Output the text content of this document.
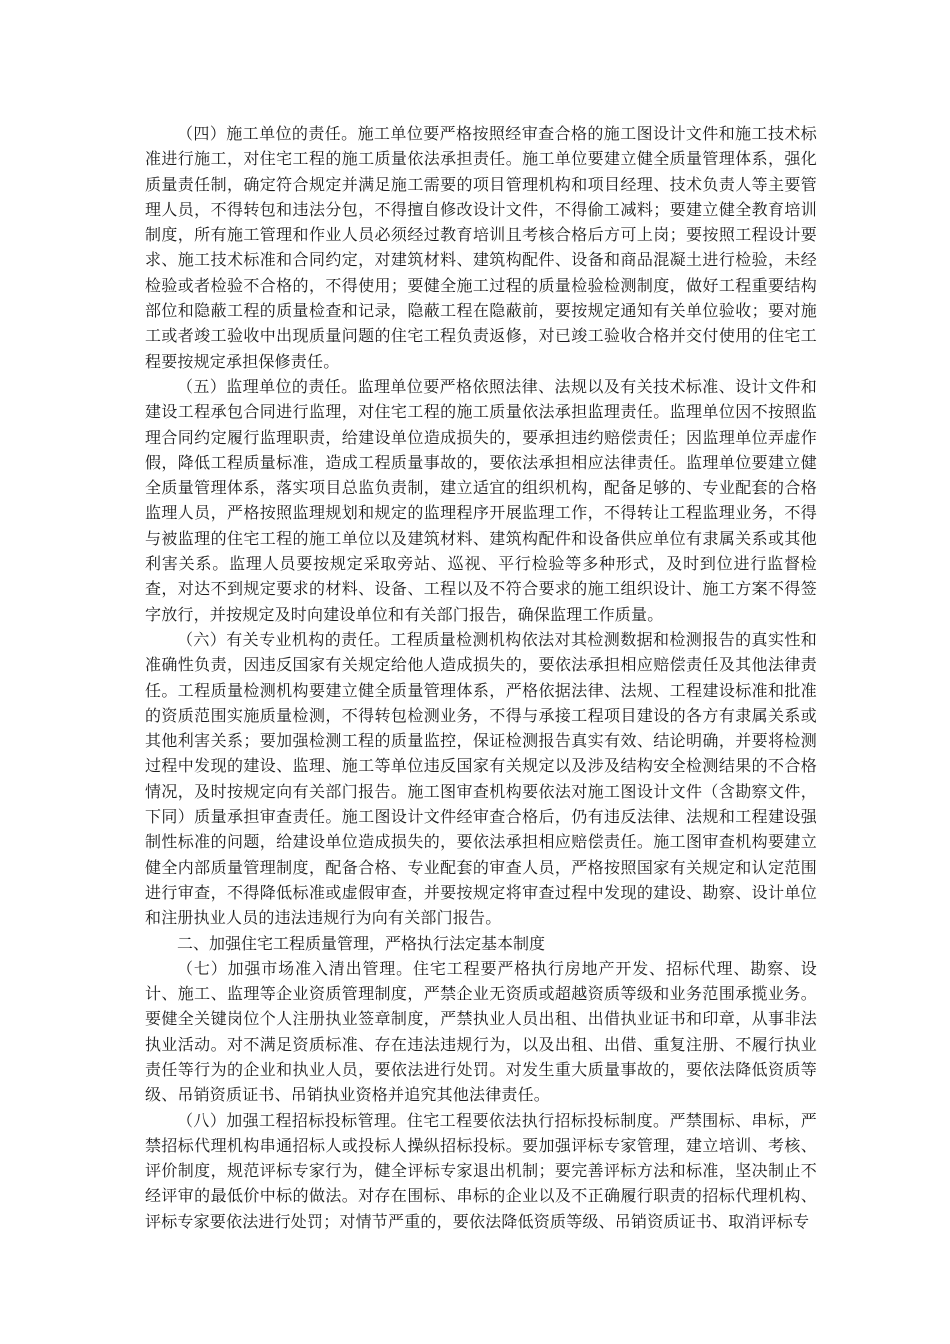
（四）施工单位的责任。施工单位要严格按照经审查合格的施工图设计文件和施工技术标准进行施工，对住宅工程的施工质量依法承担责任。施工单位要建立健全质量管理体系，强化质量责任制，确定符合规定并满足施工需要的项目管理机构和项目经理、技术负责人等主要管理人员，不得转包和违法分包，不得擅自修改设计文件，不得偷工减料；要建立健全教育培训制度，所有施工管理和作业人员必须经过教育培训且考核合格后方可上岗；要按照工程设计要求、施工技术标准和合同约定，对建筑材料、建筑构配件、设备和商品混凝土进行检验，未经检验或者检验不合格的，不得使用；要健全施工过程的质量检验检测制度，做好工程重要结构部位和隐蔽工程的质量检查和记录，隐蔽工程在隐蔽前，要按规定通知有关单位验收；要对施工或者竣工验收中出现质量问题的住宅工程负责返修，对已竣工验收合格并交付使用的住宅工程要按规定承担保修责任。

（五）监理单位的责任。监理单位要严格依照法律、法规以及有关技术标准、设计文件和建设工程承包合同进行监理，对住宅工程的施工质量依法承担监理责任。监理单位因不按照监理合同约定履行监理职责，给建设单位造成损失的，要承担违约赔偿责任；因监理单位弄虚作假，降低工程质量标准，造成工程质量事故的，要依法承担相应法律责任。监理单位要建立健全质量管理体系，落实项目总监负责制，建立适宜的组织机构，配备足够的、专业配套的合格监理人员，严格按照监理规划和规定的监理程序开展监理工作，不得转让工程监理业务，不得与被监理的住宅工程的施工单位以及建筑材料、建筑构配件和设备供应单位有隶属关系或其他利害关系。监理人员要按规定采取旁站、巡视、平行检验等多种形式，及时到位进行监督检查，对达不到规定要求的材料、设备、工程以及不符合要求的施工组织设计、施工方案不得签字放行，并按规定及时向建设单位和有关部门报告，确保监理工作质量。

（六）有关专业机构的责任。工程质量检测机构依法对其检测数据和检测报告的真实性和准确性负责，因违反国家有关规定给他人造成损失的，要依法承担相应赔偿责任及其他法律责任。工程质量检测机构要建立健全质量管理体系，严格依据法律、法规、工程建设标准和批准的资质范围实施质量检测，不得转包检测业务，不得与承接工程项目建设的各方有隶属关系或其他利害关系；要加强检测工程的质量监控，保证检测报告真实有效、结论明确，并要将检测过程中发现的建设、监理、施工等单位违反国家有关规定以及涉及结构安全检测结果的不合格情况，及时按规定向有关部门报告。施工图审查机构要依法对施工图设计文件（含勘察文件，下同）质量承担审查责任。施工图设计文件经审查合格后，仍有违反法律、法规和工程建设强制性标准的问题，给建设单位造成损失的，要依法承担相应赔偿责任。施工图审查机构要建立健全内部质量管理制度，配备合格、专业配套的审查人员，严格按照国家有关规定和认定范围进行审查，不得降低标准或虚假审查，并要按规定将审查过程中发现的建设、勘察、设计单位和注册执业人员的违法违规行为向有关部门报告。

二、加强住宅工程质量管理，严格执行法定基本制度

（七）加强市场准入清出管理。住宅工程要严格执行房地产开发、招标代理、勘察、设计、施工、监理等企业资质管理制度，严禁企业无资质或超越资质等级和业务范围承揽业务。要健全关键岗位个人注册执业签章制度，严禁执业人员出租、出借执业证书和印章，从事非法执业活动。对不满足资质标准、存在违法违规行为，以及出租、出借、重复注册、不履行执业责任等行为的企业和执业人员，要依法进行处罚。对发生重大质量事故的，要依法降低资质等级、吊销资质证书、吊销执业资格并追究其他法律责任。

（八）加强工程招标投标管理。住宅工程要依法执行招标投标制度。严禁围标、串标，严禁招标代理机构串通招标人或投标人操纵招标投标。要加强评标专家管理，建立培训、考核、评价制度，规范评标专家行为，健全评标专家退出机制；要完善评标方法和标准，坚决制止不经评审的最低价中标的做法。对存在围标、串标的企业以及不正确履行职责的招标代理机构、评标专家要依法进行处罚；对情节严重的，要依法降低资质等级、吊销资质证书、取消评标专
